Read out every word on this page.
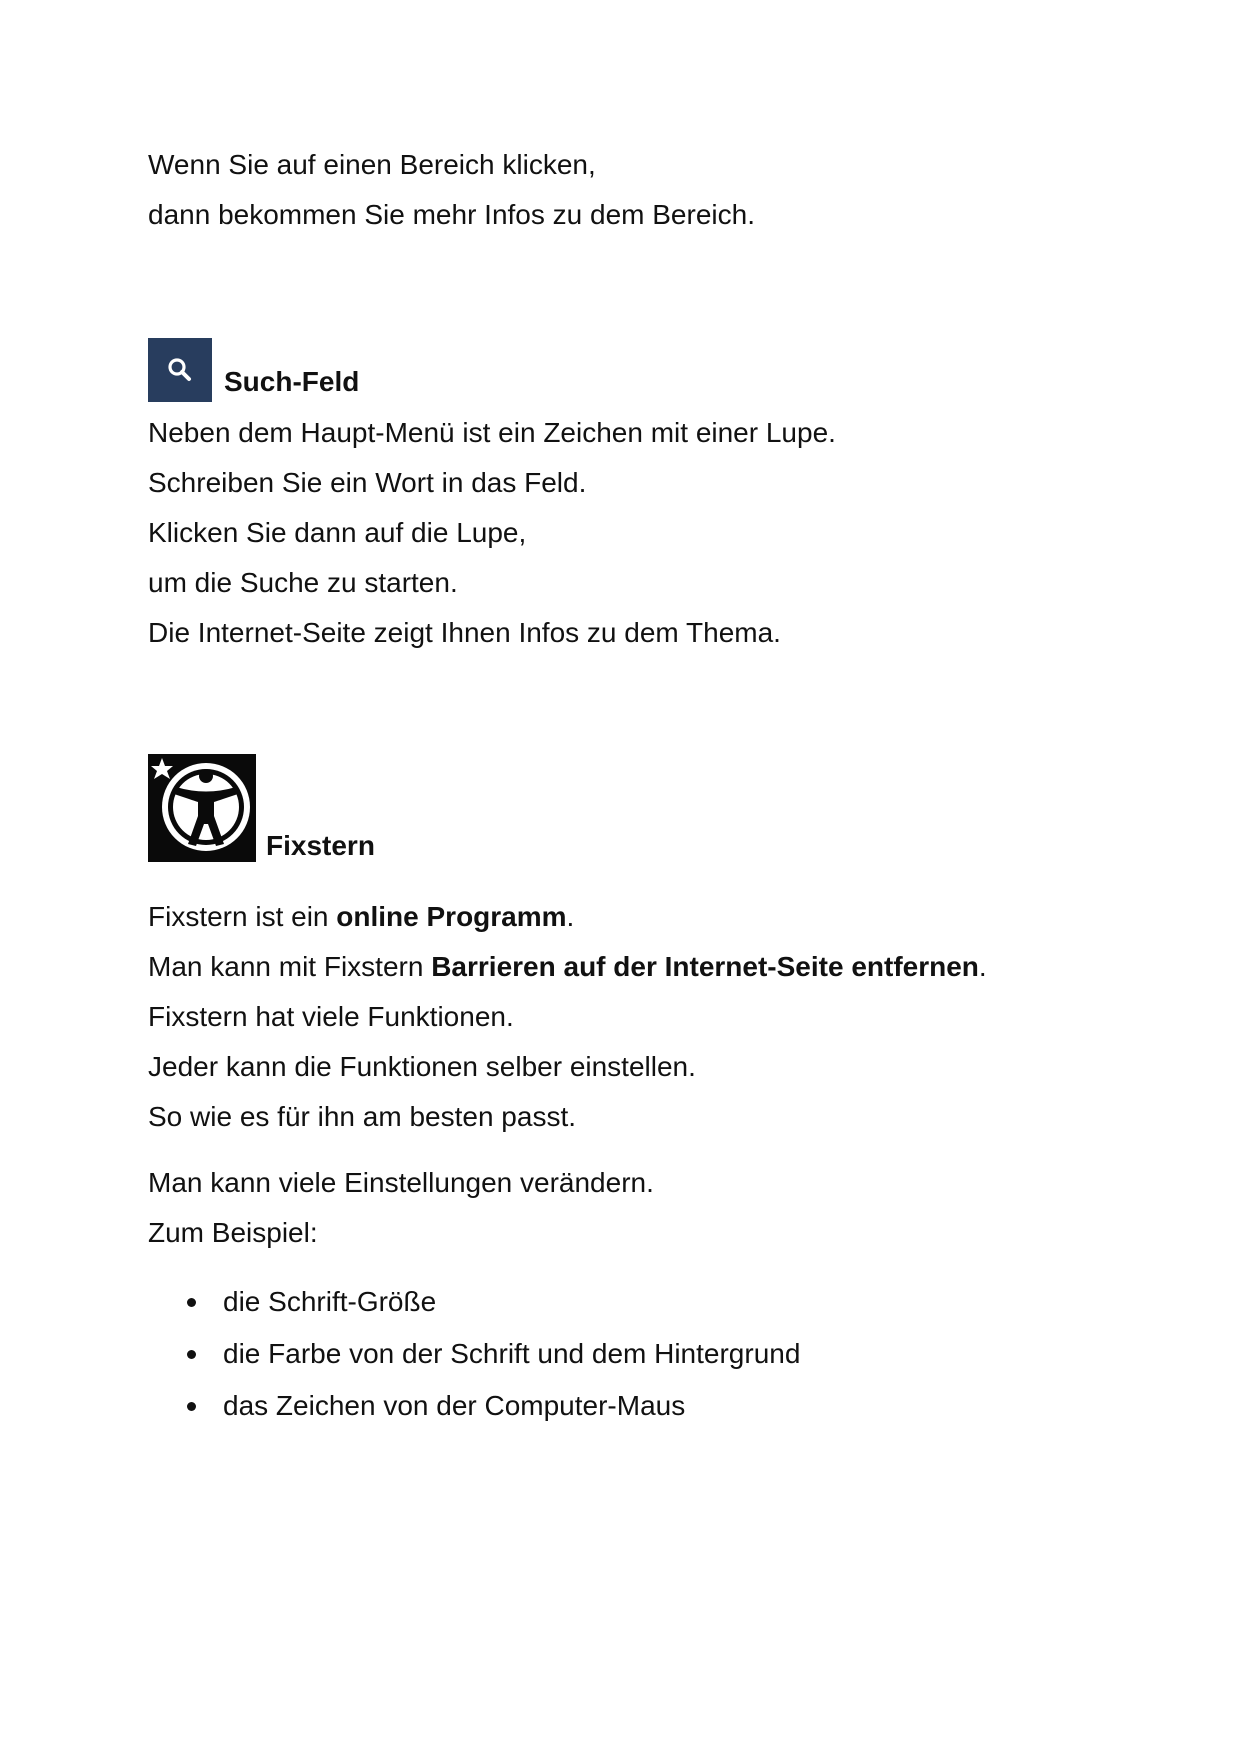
Wenn Sie auf einen Bereich klicken,
dann bekommen Sie mehr Infos zu dem Bereich.
Such-Feld
Neben dem Haupt-Menü ist ein Zeichen mit einer Lupe.
Schreiben Sie ein Wort in das Feld.
Klicken Sie dann auf die Lupe,
um die Suche zu starten.
Die Internet-Seite zeigt Ihnen Infos zu dem Thema.
Fixstern
Fixstern ist ein online Programm.
Man kann mit Fixstern Barrieren auf der Internet-Seite entfernen.
Fixstern hat viele Funktionen.
Jeder kann die Funktionen selber einstellen.
So wie es für ihn am besten passt.
Man kann viele Einstellungen verändern.
Zum Beispiel:
die Schrift-Größe
die Farbe von der Schrift und dem Hintergrund
das Zeichen von der Computer-Maus
